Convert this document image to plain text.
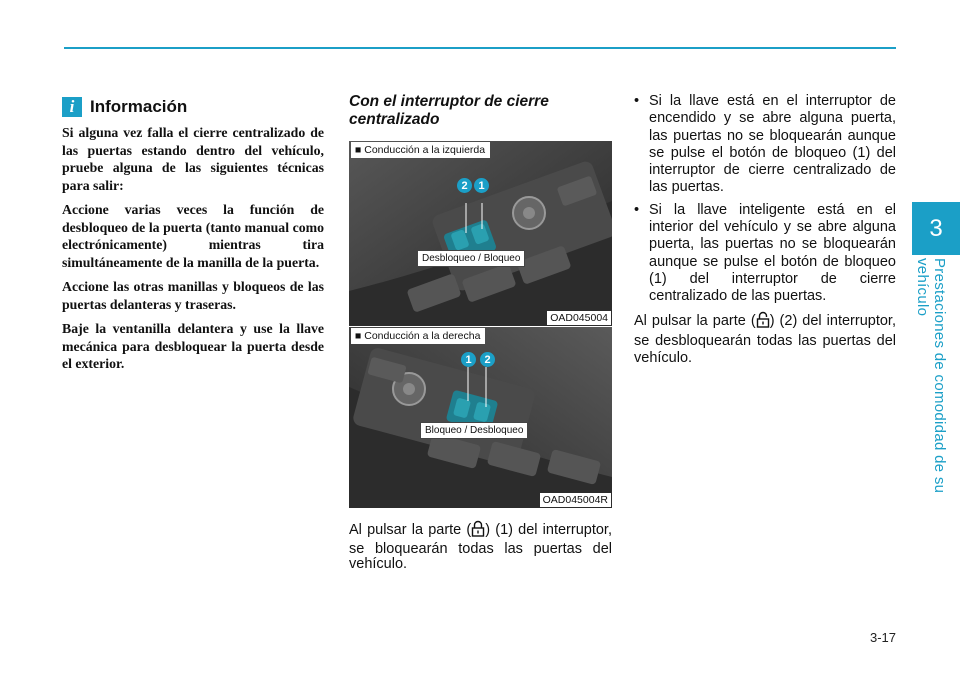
i Información

Si alguna vez falla el cierre centralizado de las puertas estando dentro del vehículo, pruebe alguna de las siguientes técnicas para salir:

Accione varias veces la función de desbloqueo de la puerta (tanto manual como electrónicamente) mientras tira simultáneamente de la manilla de la puerta.

Accione las otras manillas y bloqueos de las puertas delanteras y traseras.

Baje la ventanilla delantera y use la llave mecánica para desbloquear la puerta desde el exterior.

Con el interruptor de cierre centralizado
■ Conducción a la izquierda
2 1
Desbloqueo / Bloqueo
OAD045004
■ Conducción a la derecha
1	2
Bloqueo / Desbloqueo
OAD045004R
Al pulsar la parte ( ) (1) del interruptor, se bloquearán todas las puertas del vehículo.
• Si la llave está en el interruptor de encendido y se abre alguna puerta, las puertas no se bloquearán aunque se pulse el botón de bloqueo (1) del interruptor de cierre centralizado de las puertas.
• Si la llave inteligente está en el interior del vehículo y se abre alguna puerta, las puertas no se bloquearán aunque se pulse el botón de bloqueo (1) del interruptor de cierre centralizado de las puertas.

Al pulsar la parte ( ) (2) del interruptor, se desbloquearán todas las puertas del vehículo.

3
Prestaciones de comodidad de su vehículo
3-17
